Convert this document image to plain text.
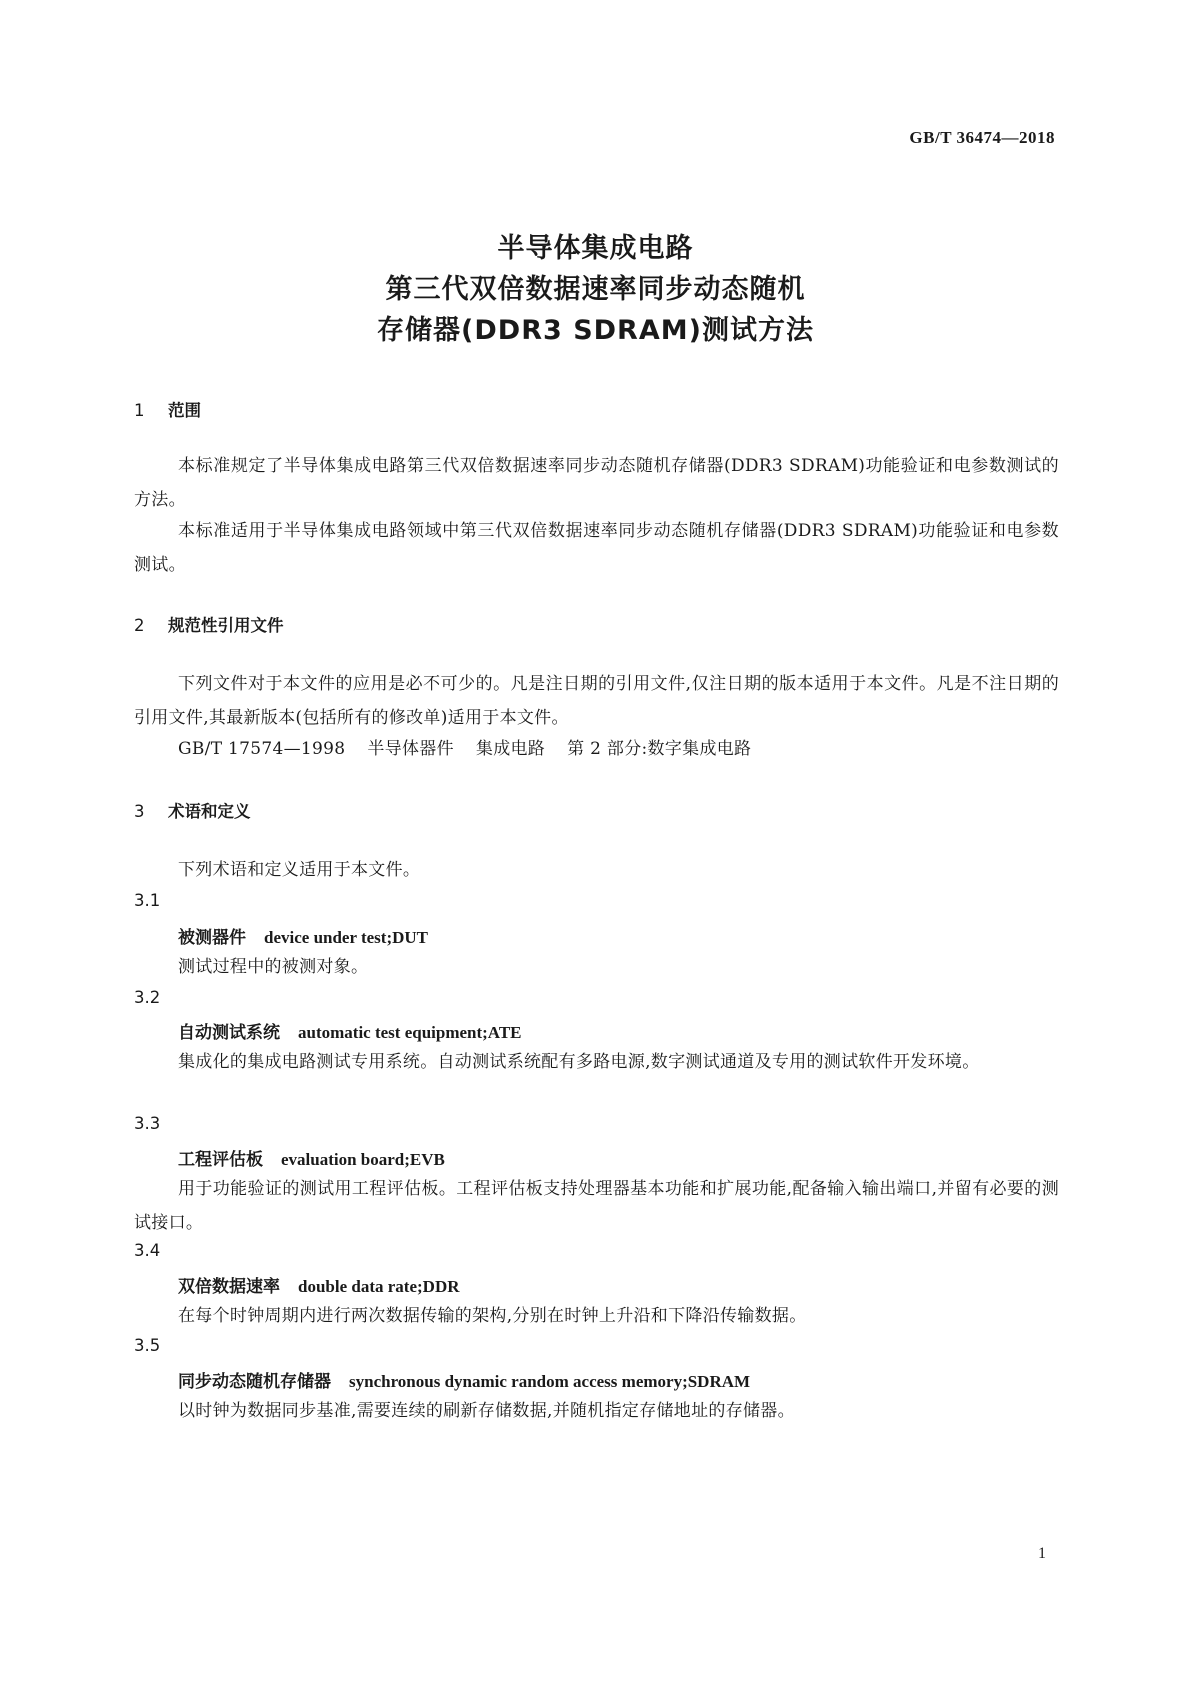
GB/T 36474—2018
半导体集成电路
第三代双倍数据速率同步动态随机
存储器(DDR3 SDRAM)测试方法
1 范围
本标准规定了半导体集成电路第三代双倍数据速率同步动态随机存储器(DDR3 SDRAM)功能验证和电参数测试的方法。
本标准适用于半导体集成电路领域中第三代双倍数据速率同步动态随机存储器(DDR3 SDRAM)功能验证和电参数测试。
2 规范性引用文件
下列文件对于本文件的应用是必不可少的。凡是注日期的引用文件,仅注日期的版本适用于本文件。凡是不注日期的引用文件,其最新版本(包括所有的修改单)适用于本文件。
GB/T 17574—1998 半导体器件 集成电路 第 2 部分:数字集成电路
3 术语和定义
下列术语和定义适用于本文件。
3.1
被测器件 device under test;DUT
测试过程中的被测对象。
3.2
自动测试系统 automatic test equipment;ATE
集成化的集成电路测试专用系统。自动测试系统配有多路电源,数字测试通道及专用的测试软件开发环境。
3.3
工程评估板 evaluation board;EVB
用于功能验证的测试用工程评估板。工程评估板支持处理器基本功能和扩展功能,配备输入输出端口,并留有必要的测试接口。
3.4
双倍数据速率 double data rate;DDR
在每个时钟周期内进行两次数据传输的架构,分别在时钟上升沿和下降沿传输数据。
3.5
同步动态随机存储器 synchronous dynamic random access memory;SDRAM
以时钟为数据同步基准,需要连续的刷新存储数据,并随机指定存储地址的存储器。
1
